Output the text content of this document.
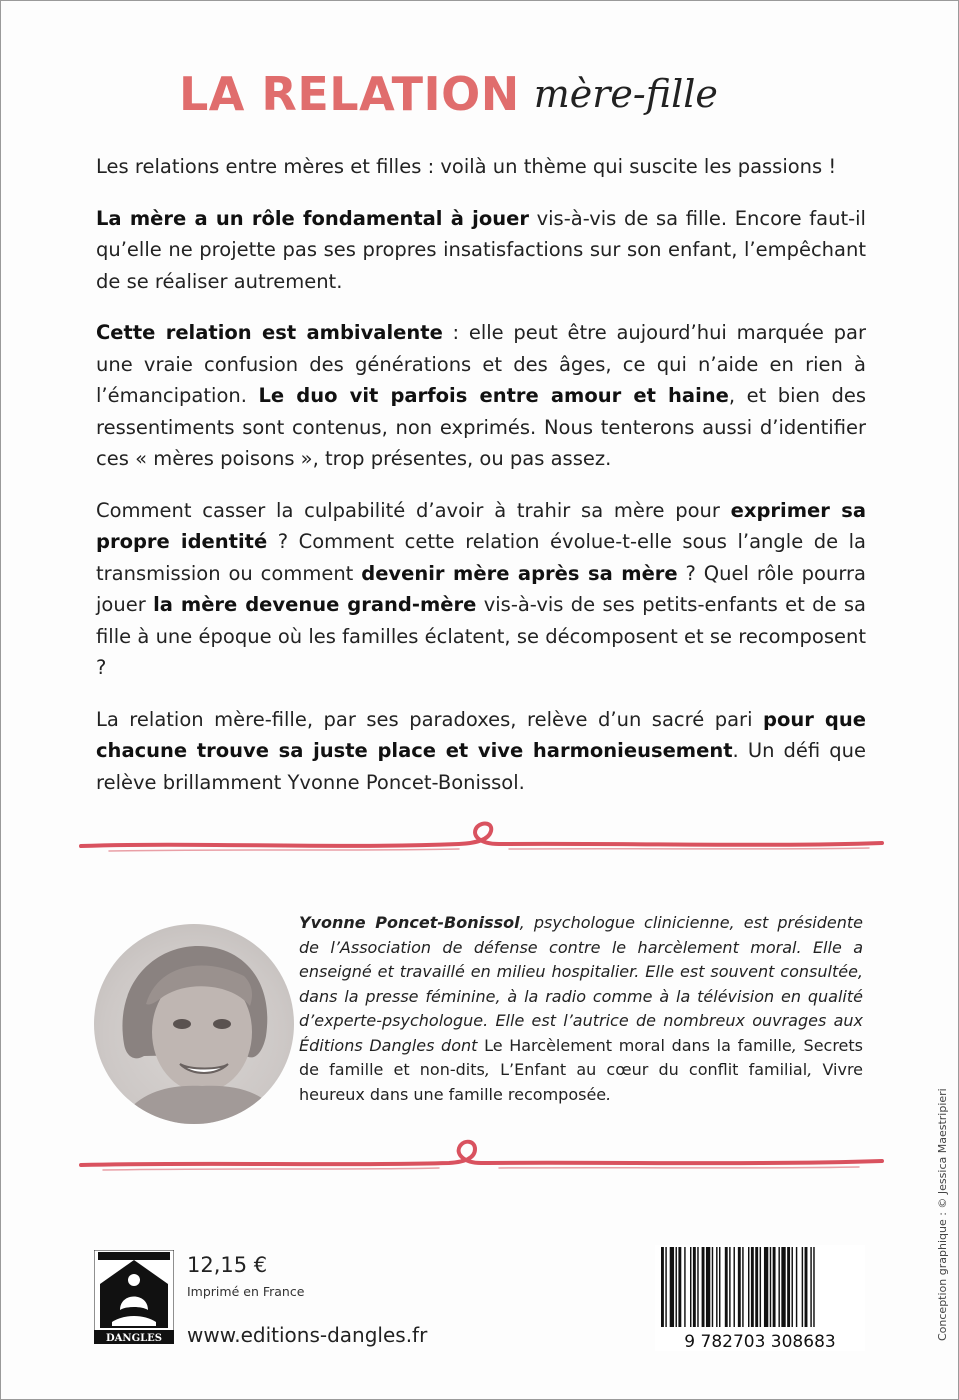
LA RELATION mère-fille

Les relations entre mères et filles : voilà un thème qui suscite les passions !

La mère a un rôle fondamental à jouer vis-à-vis de sa fille. Encore faut-il qu’elle ne projette pas ses propres insatisfactions sur son enfant, l’empêchant de se réaliser autrement.

Cette relation est ambivalente : elle peut être aujourd’hui marquée par une vraie confusion des générations et des âges, ce qui n’aide en rien à l’émancipation. Le duo vit parfois entre amour et haine, et bien des ressentiments sont contenus, non exprimés. Nous tenterons aussi d’identifier ces « mères poisons », trop présentes, ou pas assez.

Comment casser la culpabilité d’avoir à trahir sa mère pour exprimer sa propre identité ? Comment cette relation évolue-t-elle sous l’angle de la transmission ou comment devenir mère après sa mère ? Quel rôle pourra jouer la mère devenue grand-mère vis-à-vis de ses petits-enfants et de sa fille à une époque où les familles éclatent, se décomposent et se recomposent ?

La relation mère-fille, par ses paradoxes, relève d’un sacré pari pour que chacune trouve sa juste place et vive harmonieusement. Un défi que relève brillamment Yvonne Poncet-Bonissol.

Yvonne Poncet-Bonissol, psychologue clinicienne, est présidente de l’Association de défense contre le harcèlement moral. Elle a enseigné et travaillé en milieu hospitalier. Elle est souvent consultée, dans la presse féminine, à la radio comme à la télévision en qualité d’experte-psychologue. Elle est l’autrice de nombreux ouvrages aux Éditions Dangles dont Le Harcèlement moral dans la famille, Secrets de famille et non-dits, L’Enfant au cœur du conflit familial, Vivre heureux dans une famille recomposée.
DANGLES
12,15 €
Imprimé en France
www.editions-dangles.fr	9 782703 308683
Conception graphique : © Jessica Maestripieri
